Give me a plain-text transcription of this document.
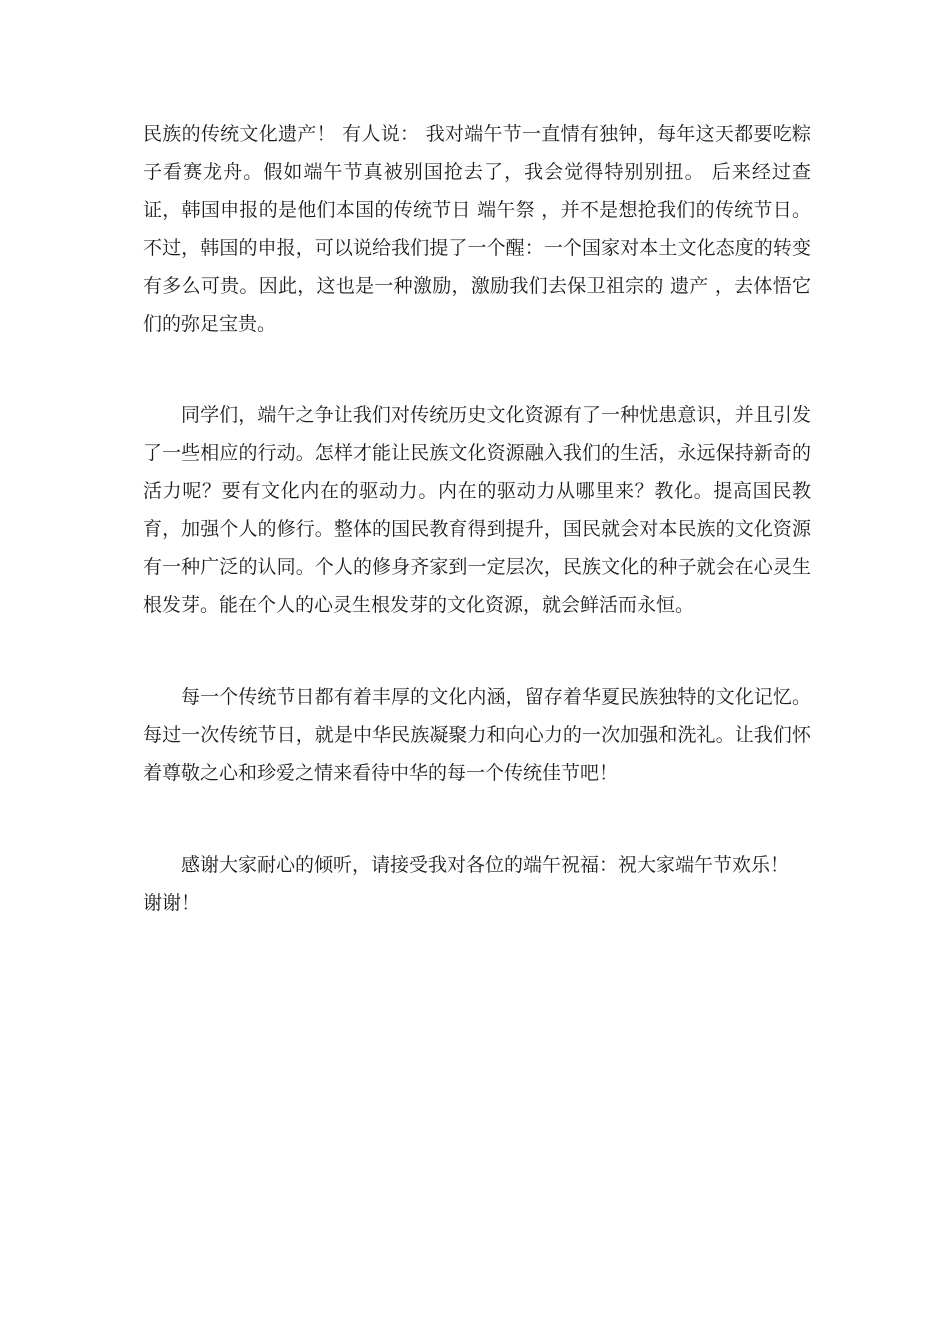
民族的传统文化遗产！ 有人说： 我对端午节一直情有独钟，每年这天都要吃粽子看赛龙舟。假如端午节真被别国抢去了，我会觉得特别别扭。 后来经过查证，韩国申报的是他们本国的传统节日 端午祭 ，并不是想抢我们的传统节日。不过，韩国的申报，可以说给我们提了一个醒：一个国家对本土文化态度的转变有多么可贵。因此，这也是一种激励，激励我们去保卫祖宗的 遗产 ，去体悟它们的弥足宝贵。

同学们，端午之争让我们对传统历史文化资源有了一种忧患意识，并且引发了一些相应的行动。怎样才能让民族文化资源融入我们的生活，永远保持新奇的活力呢？要有文化内在的驱动力。内在的驱动力从哪里来？教化。提高国民教育，加强个人的修行。整体的国民教育得到提升，国民就会对本民族的文化资源有一种广泛的认同。个人的修身齐家到一定层次，民族文化的种子就会在心灵生根发芽。能在个人的心灵生根发芽的文化资源，就会鲜活而永恒。

每一个传统节日都有着丰厚的文化内涵，留存着华夏民族独特的文化记忆。每过一次传统节日，就是中华民族凝聚力和向心力的一次加强和洗礼。让我们怀着尊敬之心和珍爱之情来看待中华的每一个传统佳节吧！

感谢大家耐心的倾听，请接受我对各位的端午祝福：祝大家端午节欢乐！

谢谢！
